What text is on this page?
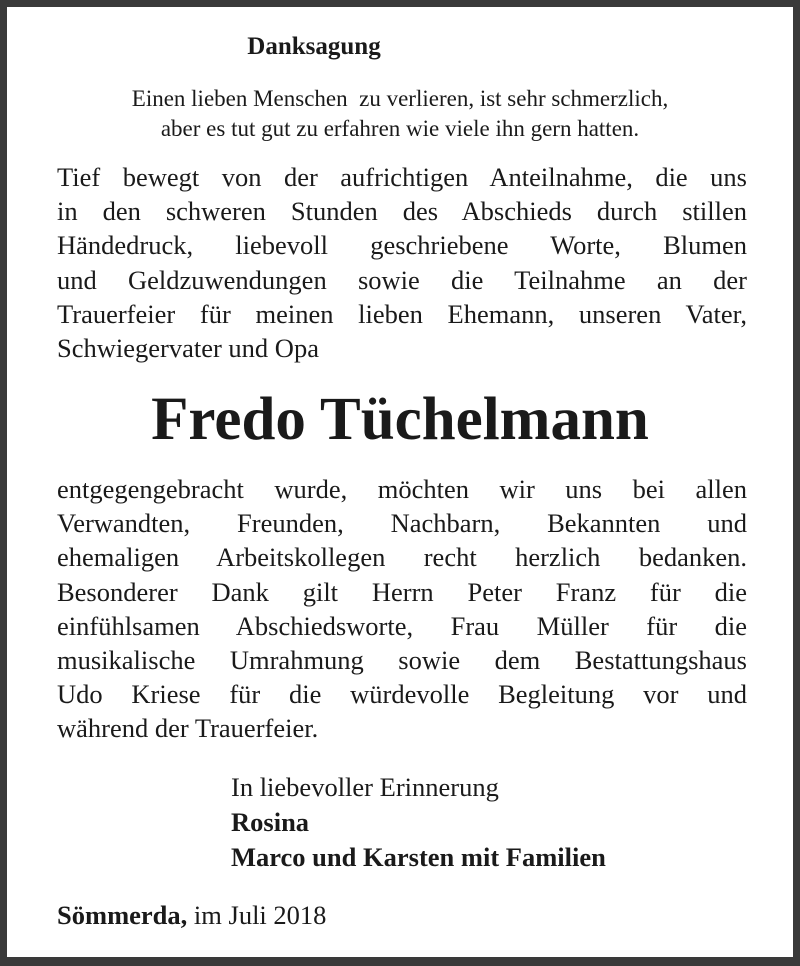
Danksagung
Einen lieben Menschen  zu verlieren, ist sehr schmerzlich,
aber es tut gut zu erfahren wie viele ihn gern hatten.
Tief bewegt von der aufrichtigen Anteilnahme, die uns
in den schweren Stunden des Abschieds durch stillen
Händedruck, liebevoll geschriebene Worte, Blumen
und Geldzuwendungen sowie die Teilnahme an der
Trauerfeier für meinen lieben Ehemann, unseren Vater,
Schwiegervater und Opa
Fredo Tüchelmann
entgegengebracht wurde, möchten wir uns bei allen
Verwandten, Freunden, Nachbarn, Bekannten und
ehemaligen Arbeitskollegen recht herzlich bedanken.
Besonderer Dank gilt Herrn Peter Franz für die
einfühlsamen Abschiedsworte, Frau Müller für die
musikalische Umrahmung sowie dem Bestattungshaus
Udo Kriese für die würdevolle Begleitung vor und
während der Trauerfeier.
In liebevoller Erinnerung
Rosina
Marco und Karsten mit Familien
Sömmerda, im Juli 2018
